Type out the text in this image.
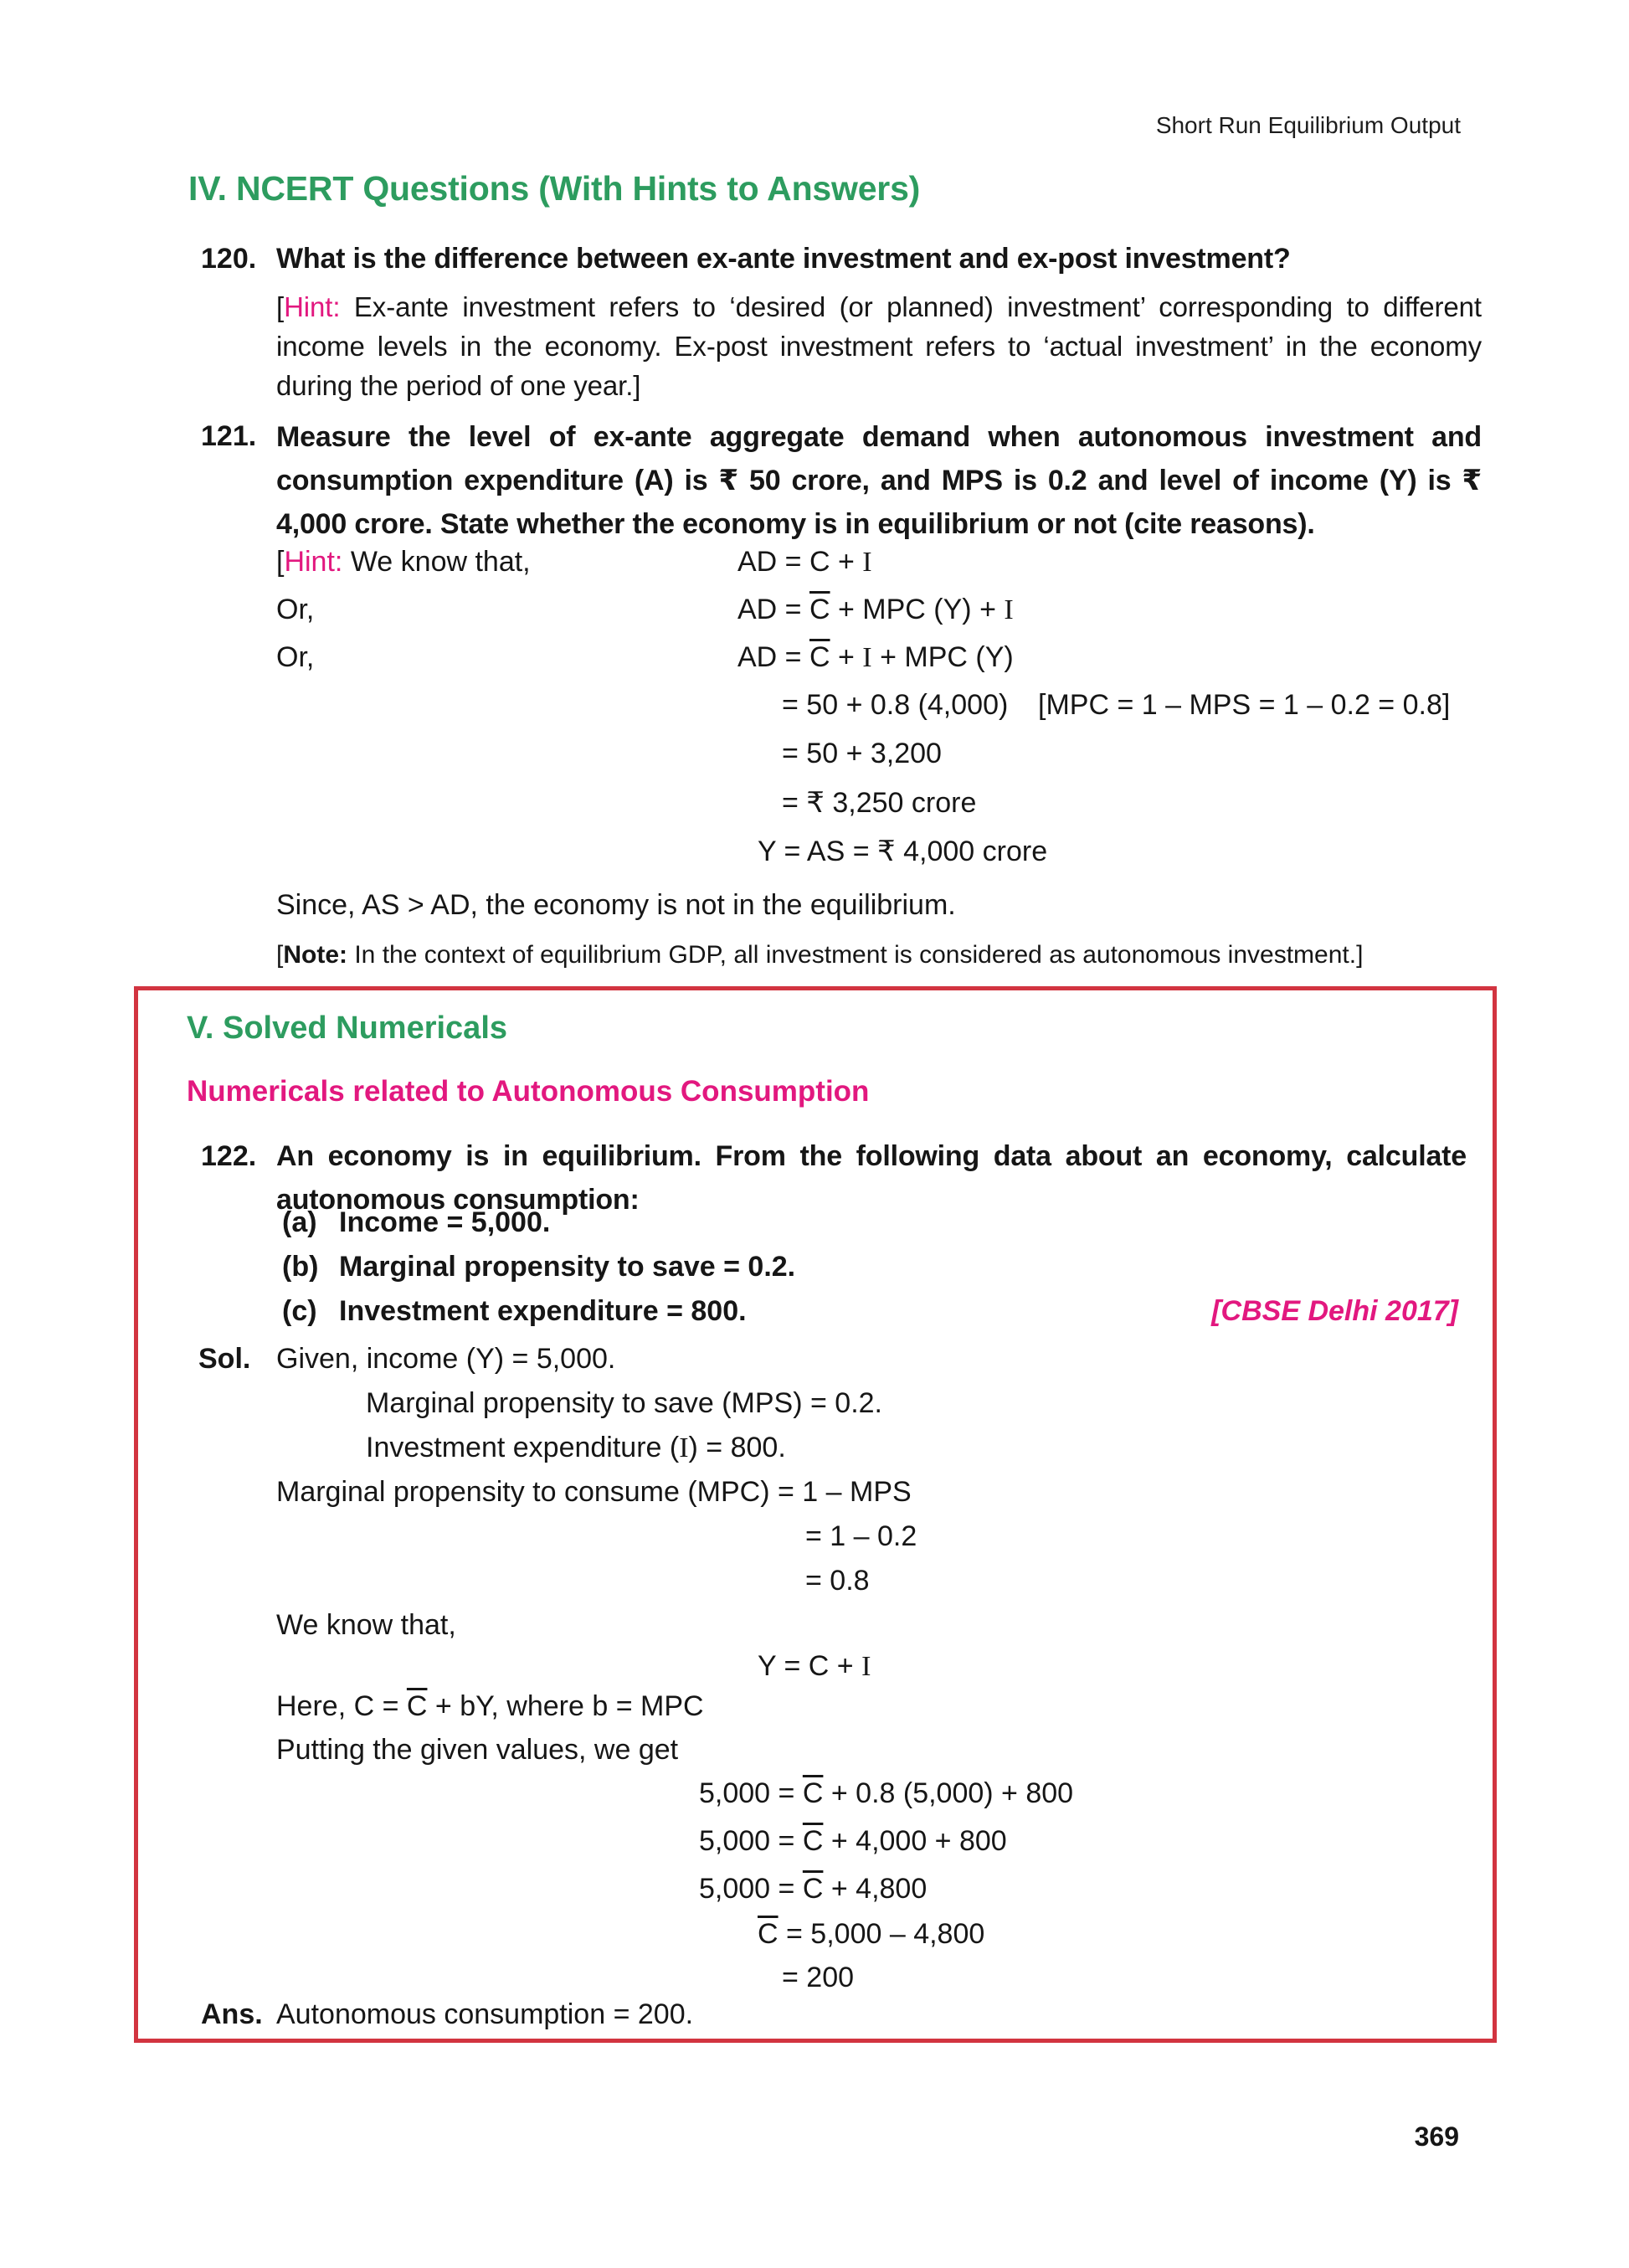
Short Run Equilibrium Output
IV. NCERT Questions (With Hints to Answers)
120. What is the difference between ex-ante investment and ex-post investment?

[Hint: Ex-ante investment refers to ‘desired (or planned) investment’ corresponding to different income levels in the economy. Ex-post investment refers to ‘actual investment’ in the economy during the period of one year.]

121. Measure the level of ex-ante aggregate demand when autonomous investment and consumption expenditure (A) is ₹ 50 crore, and MPS is 0.2 and level of income (Y) is ₹ 4,000 crore. State whether the economy is in equilibrium or not (cite reasons).

[Hint: We know that,	AD = C + I
Or,	AD = $\overline{C}$ + MPC (Y) + I
Or,	AD = $\overline{C} + I$ + MPC (Y)
= 50 + 0.8 (4,000) [MPC = 1 – MPS = 1 – 0.2 = 0.8]
= 50 + 3,200
= ₹ 3,250 crore
Y = AS = ₹ 4,000 crore

Since, AS > AD, the economy is not in the equilibrium.

[Note: In the context of equilibrium GDP, all investment is considered as autonomous investment.]

V. Solved Numericals
Numericals related to Autonomous Consumption
122. An economy is in equilibrium. From the following data about an economy, calculate autonomous consumption:

(a) Income = 5,000.
(b) Marginal propensity to save = 0.2.
(c) Investment expenditure = 800.	[CBSE Delhi 2017]
Sol. Given, income (Y) = 5,000.
Marginal propensity to save (MPS) = 0.2.
Investment expenditure (I) = 800.
Marginal propensity to consume (MPC) = 1 – MPS
= 1 – 0.2
= 0.8
We know that,
Y = C + I
Here, $C = \overline{C}$ + bY, where b = MPC
Putting the given values, we get
$5,000 = \overline{C} + 0.8$ (5,000) + 800
$5,000 = \overline{C} + 4,000 + 800$
$5,000 = \overline{C} + 4,800$
$\overline{C} = 5,000 - 4,800$
= 200
Ans. Autonomous consumption = 200.
369
